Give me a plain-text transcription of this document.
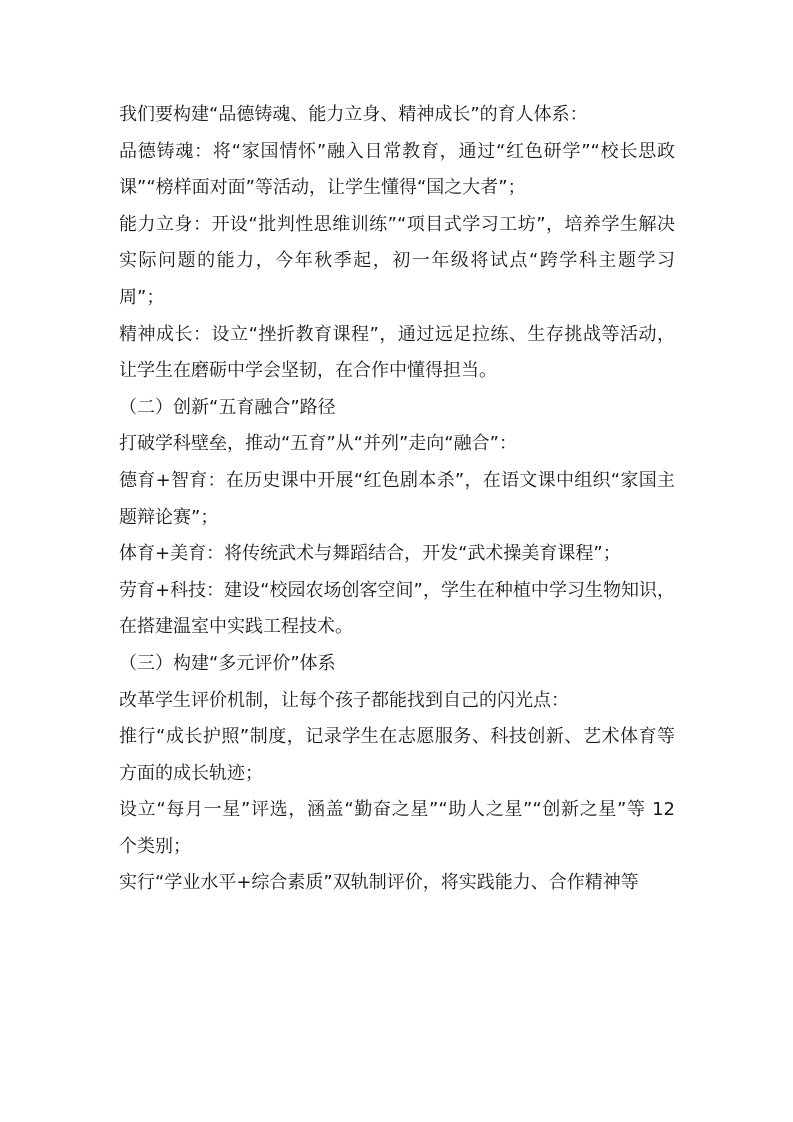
我们要构建“品德铸魂、能力立身、精神成长”的育人体系：

品德铸魂：将“家国情怀”融入日常教育，通过“红色研学”“校长思政课”“榜样面对面”等活动，让学生懂得“国之大者”；

能力立身：开设“批判性思维训练”“项目式学习工坊”，培养学生解决实际问题的能力，今年秋季起，初一年级将试点“跨学科主题学习周”；

精神成长：设立“挫折教育课程”，通过远足拉练、生存挑战等活动，让学生在磨砺中学会坚韧，在合作中懂得担当。

（二）创新“五育融合”路径

打破学科壁垒，推动“五育”从“并列”走向“融合”：

德育+智育：在历史课中开展“红色剧本杀”，在语文课中组织“家国主题辩论赛”；

体育+美育：将传统武术与舞蹈结合，开发“武术操美育课程”；

劳育+科技：建设“校园农场创客空间”，学生在种植中学习生物知识，在搭建温室中实践工程技术。

（三）构建“多元评价”体系

改革学生评价机制，让每个孩子都能找到自己的闪光点：

推行“成长护照”制度，记录学生在志愿服务、科技创新、艺术体育等方面的成长轨迹；

设立“每月一星”评选，涵盖“勤奋之星”“助人之星”“创新之星”等 12 个类别；

实行“学业水平+综合素质”双轨制评价，将实践能力、合作精神等
